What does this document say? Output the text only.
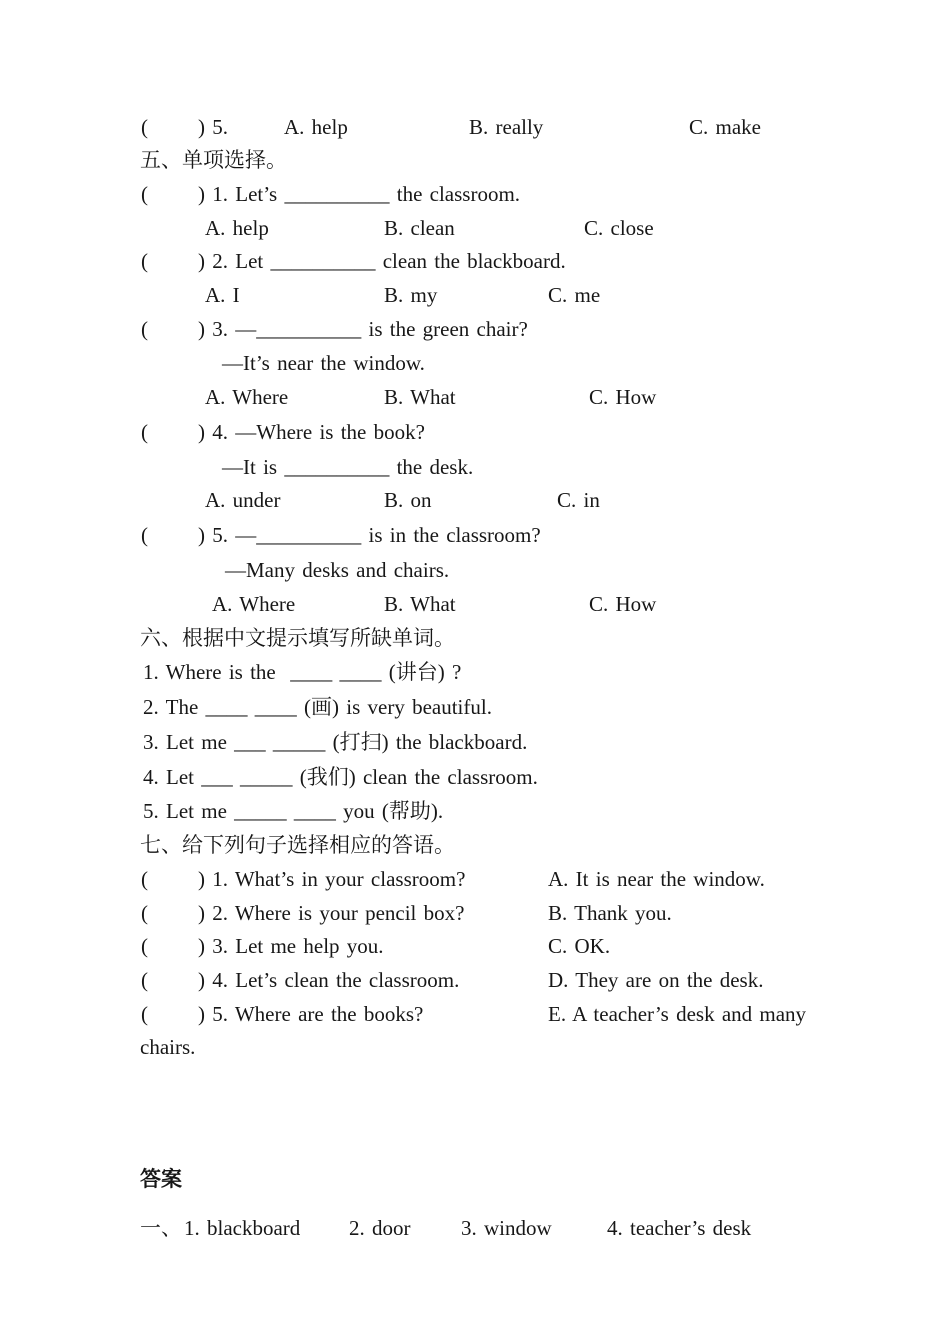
( ) 5.	A. help	B. really	C. make
五、单项选择。
( ) 1. Let’s __________ the classroom.
A. help	B. clean	C. close
( ) 2. Let __________ clean the blackboard.
A. I	B. my	C. me
( ) 3. —__________ is the green chair?
—It’s near the window.
A. Where	B. What	C. How
( ) 4. —Where is the book?
—It is __________ the desk.
A. under	B. on	C. in
( ) 5. —__________ is in the classroom?
—Many desks and chairs.
A. Where	B. What	C. How
六、根据中文提示填写所缺单词。
1. Where is the  ____ ____ (讲台) ?
2. The ____ ____ (画) is very beautiful.
3. Let me ___ _____ (打扫) the blackboard.
4. Let ___ _____ (我们) clean the classroom.
5. Let me _____ ____ you (帮助).
七、给下列句子选择相应的答语。
( ) 1. What’s in your classroom?	A. It is near the window.
( ) 2. Where is your pencil box?	B. Thank you.
( ) 3. Let me help you.	C. OK.
( ) 4. Let’s clean the classroom.	D. They are on the desk.
( ) 5. Where are the books?	E. A teacher’s desk and many
chairs.
答案
一、 1. blackboard 2. door 3. window	4. teacher’s desk
